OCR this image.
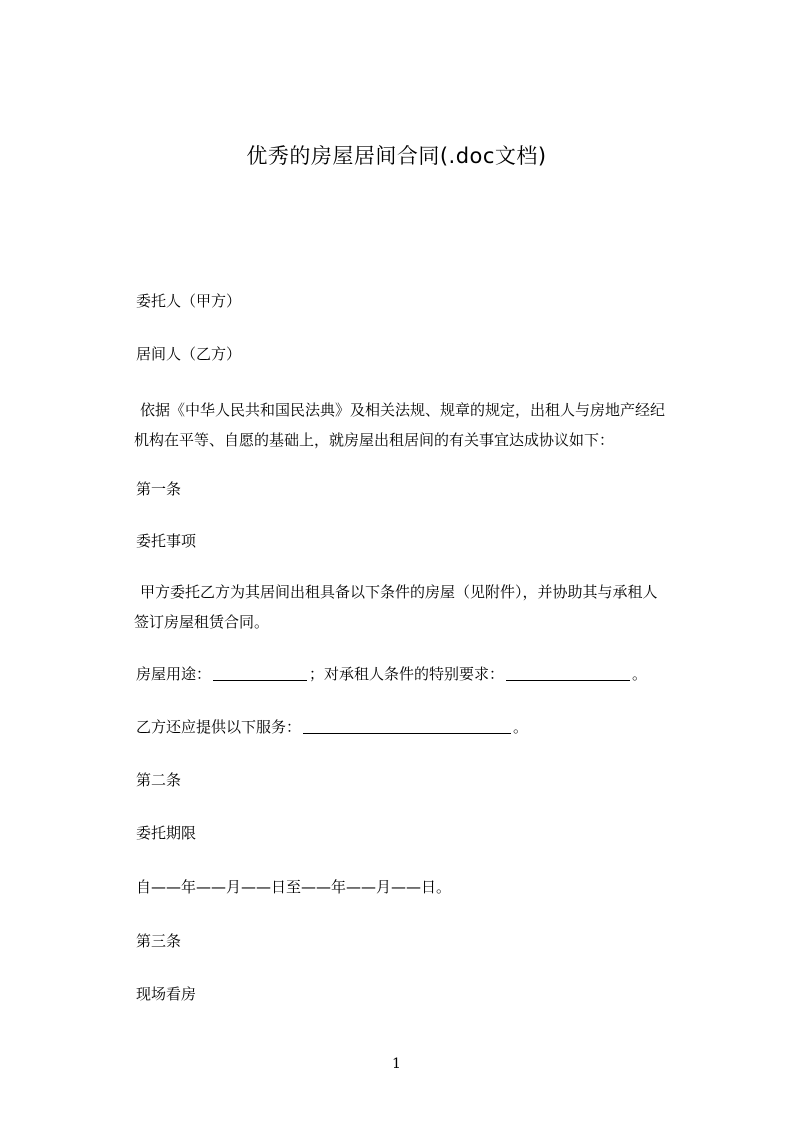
优秀的房屋居间合同(.doc文档)
委托人（甲方）
居间人（乙方）
依据《中华人民共和国民法典》及相关法规、规章的规定，出租人与房地产经纪
机构在平等、自愿的基础上，就房屋出租居间的有关事宜达成协议如下：
第一条
委托事项
甲方委托乙方为其居间出租具备以下条件的房屋（见附件），并协助其与承租人
签订房屋租赁合同。
房屋用途：	；对承租人条件的特别要求：	。
乙方还应提供以下服务：	。
第二条
委托期限
自——年——月——日至——年——月——日。
第三条
现场看房
1
